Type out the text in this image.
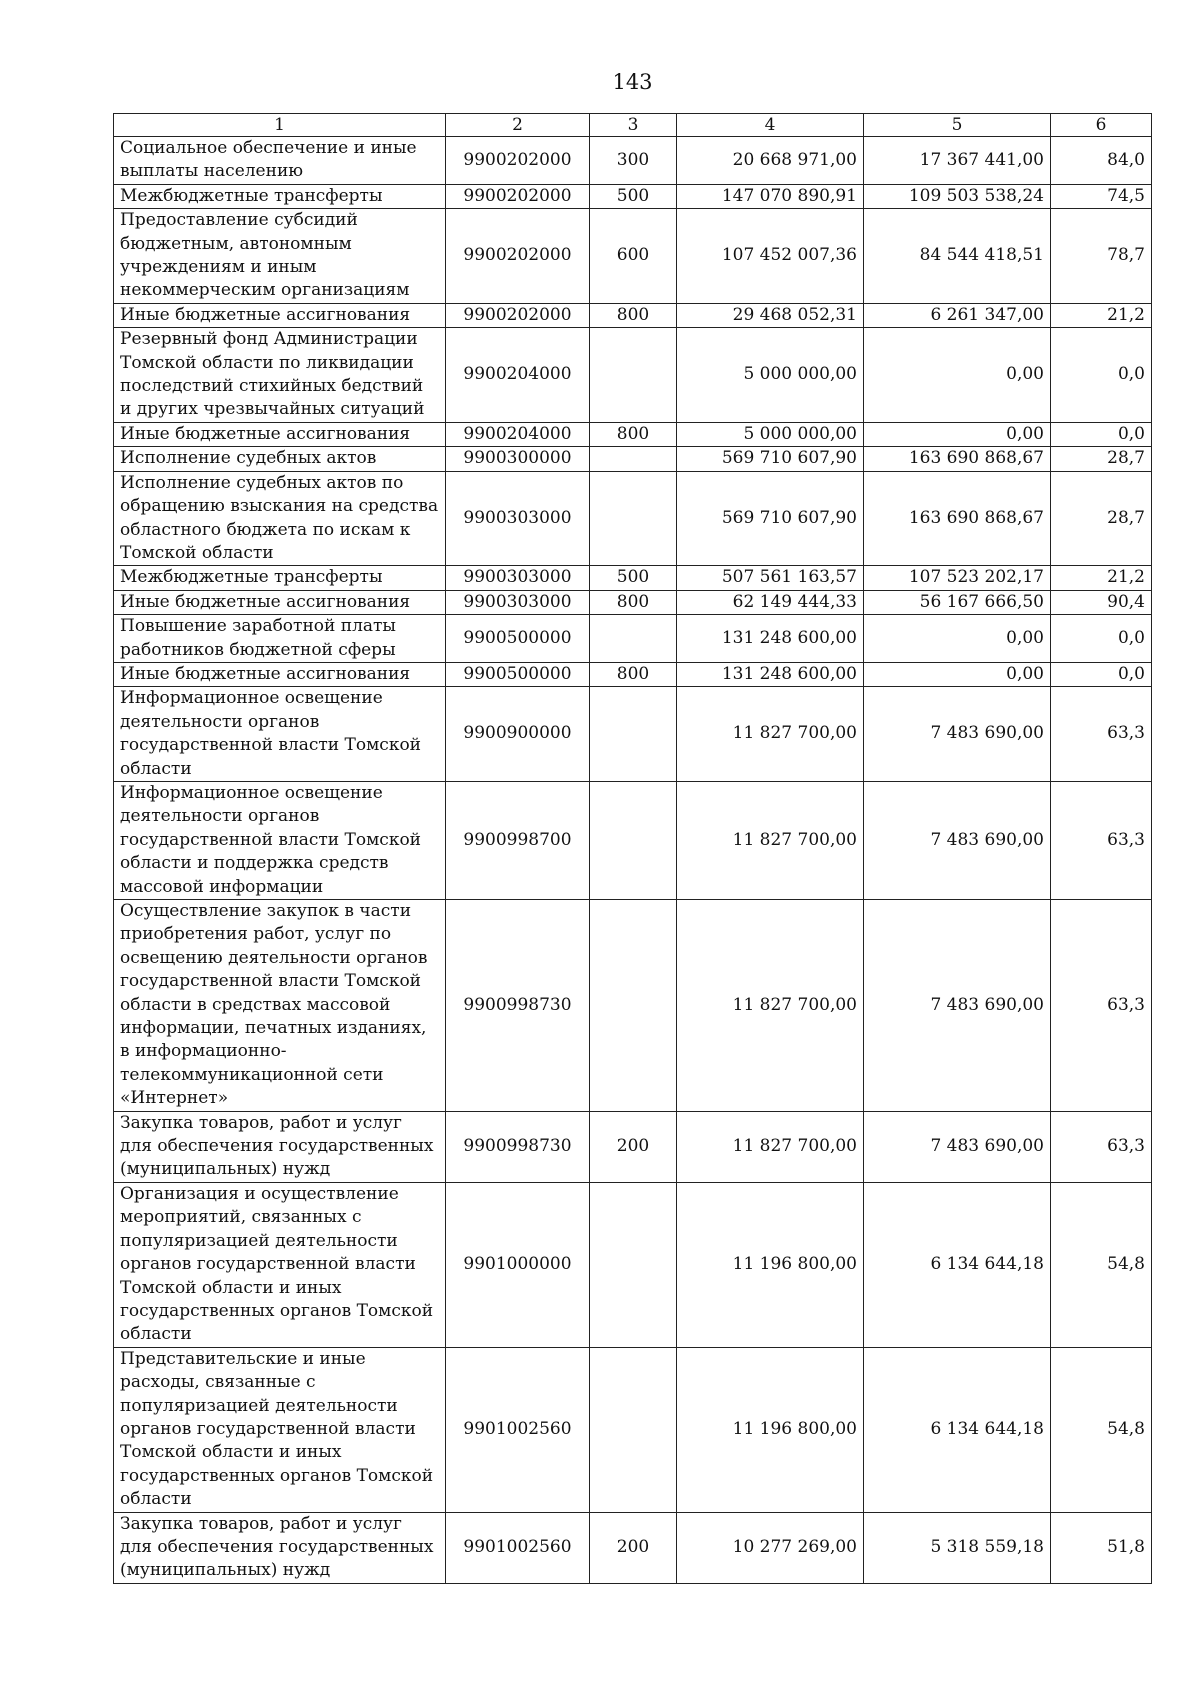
143
1	2	3	4	5	6
Социальное обеспечение и иные выплаты населению	9900202000	300	20 668 971,00	17 367 441,00	84,0
Межбюджетные трансферты	9900202000	500	147 070 890,91	109 503 538,24	74,5
Предоставление субсидий бюджетным, автономным учреждениям и иным некоммерческим организациям	9900202000	600	107 452 007,36	84 544 418,51	78,7
Иные бюджетные ассигнования	9900202000	800	29 468 052,31	6 261 347,00	21,2
Резервный фонд Администрации Томской области по ликвидации последствий стихийных бедствий и других чрезвычайных ситуаций	9900204000		5 000 000,00	0,00	0,0
Иные бюджетные ассигнования	9900204000	800	5 000 000,00	0,00	0,0
Исполнение судебных актов	9900300000		569 710 607,90	163 690 868,67	28,7
Исполнение судебных актов по обращению взыскания на средства областного бюджета по искам к Томской области	9900303000		569 710 607,90	163 690 868,67	28,7
Межбюджетные трансферты	9900303000	500	507 561 163,57	107 523 202,17	21,2
Иные бюджетные ассигнования	9900303000	800	62 149 444,33	56 167 666,50	90,4
Повышение заработной платы работников бюджетной сферы	9900500000		131 248 600,00	0,00	0,0
Иные бюджетные ассигнования	9900500000	800	131 248 600,00	0,00	0,0
Информационное освещение деятельности органов государственной власти Томской области	9900900000		11 827 700,00	7 483 690,00	63,3
Информационное освещение деятельности органов государственной власти Томской области и поддержка средств массовой информации	9900998700		11 827 700,00	7 483 690,00	63,3
Осуществление закупок в части приобретения работ, услуг по освещению деятельности органов государственной власти Томской области в средствах массовой информации, печатных изданиях, в информационно-телекоммуникационной сети «Интернет»	9900998730		11 827 700,00	7 483 690,00	63,3
Закупка товаров, работ и услуг для обеспечения государственных (муниципальных) нужд	9900998730	200	11 827 700,00	7 483 690,00	63,3
Организация и осуществление мероприятий, связанных с популяризацией деятельности органов государственной власти Томской области и иных государственных органов Томской области	9901000000		11 196 800,00	6 134 644,18	54,8
Представительские и иные расходы, связанные с популяризацией деятельности органов государственной власти Томской области и иных государственных органов Томской области	9901002560		11 196 800,00	6 134 644,18	54,8
Закупка товаров, работ и услуг для обеспечения государственных (муниципальных) нужд	9901002560	200	10 277 269,00	5 318 559,18	51,8
